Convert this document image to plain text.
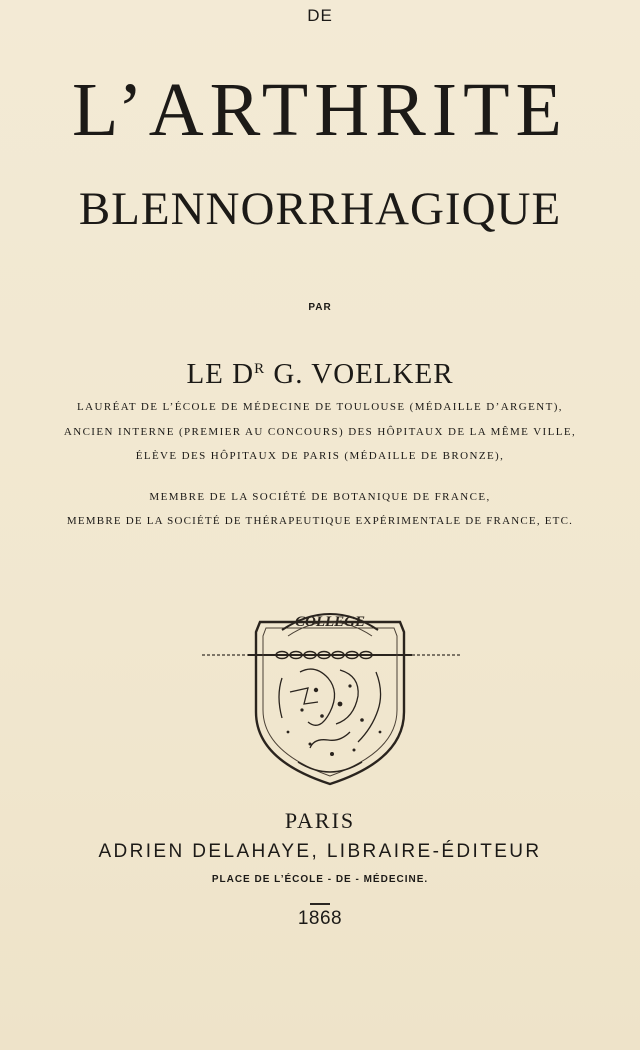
DE
L’ARTHRITE
BLENNORRHAGIQUE
PAR
LE $D^R$ G. VOELKER
LAURÉAT DE L’ÉCOLE DE MÉDECINE DE TOULOUSE (MÉDAILLE D’ARGENT),
ANCIEN INTERNE (PREMIER AU CONCOURS) DES HÔPITAUX DE LA MÊME VILLE,
ÉLÈVE DES HÔPITAUX DE PARIS (MÉDAILLE DE BRONZE),
MEMBRE DE LA SOCIÉTÉ DE BOTANIQUE DE FRANCE,
MEMBRE DE LA SOCIÉTÉ DE THÉRAPEUTIQUE EXPÉRIMENTALE DE FRANCE, ETC.
COLLEGE
PARIS
ADRIEN DELAHAYE, LIBRAIRE-ÉDITEUR
PLACE DE L’ÉCOLE - DE - MÉDECINE.
1868
